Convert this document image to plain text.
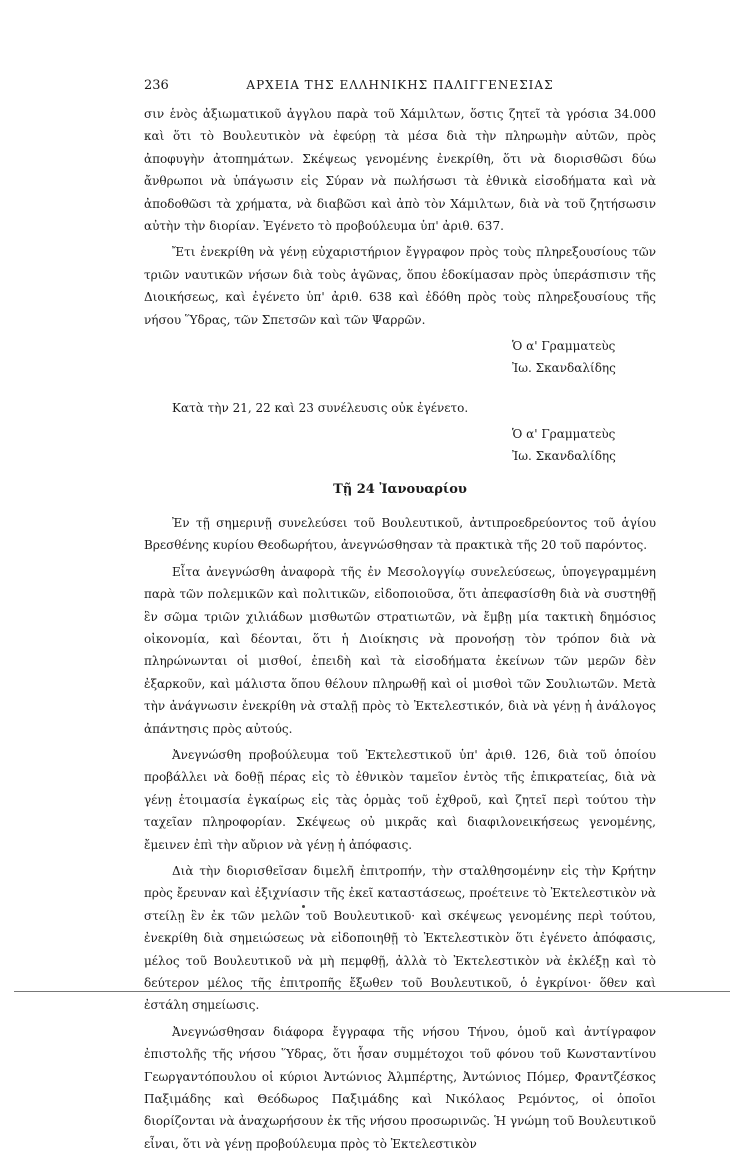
236	ΑΡΧΕΙΑ ΤΗΣ ΕΛΛΗΝΙΚΗΣ ΠΑΛΙΓΓΕΝΕΣΙΑΣ

σιν ἑνὸς ἀξιωματικοῦ ἀγγλου παρὰ τοῦ Χάμιλτων, ὅστις ζητεῖ τὰ γρόσια 34.000 καὶ ὅτι τὸ Βουλευτικὸν νὰ ἐφεύρῃ τὰ μέσα διὰ τὴν πληρωμὴν αὐτῶν, πρὸς ἀποφυγὴν ἀτοπημάτων. Σκέψεως γενομένης ἐνεκρίθη, ὅτι νὰ διορισθῶσι δύω ἄνθρωποι νὰ ὑπάγωσιν εἰς Σύραν νὰ πωλήσωσι τὰ ἐθνικὰ εἰσοδήματα καὶ νὰ ἀποδοθῶσι τὰ χρήματα, νὰ διαβῶσι καὶ ἀπὸ τὸν Χάμιλτων, διὰ νὰ τοῦ ζητήσωσιν αὐτὴν τὴν διορίαν. Ἐγένετο τὸ προβούλευμα ὑπ' ἀριθ. 637.

Ἔτι ἐνεκρίθη νὰ γένῃ εὐχαριστήριον ἔγγραφον πρὸς τοὺς πληρεξουσίους τῶν τριῶν ναυτικῶν νήσων διὰ τοὺς ἀγῶνας, ὅπου ἐδοκίμασαν πρὸς ὑπεράσπισιν τῆς Διοικήσεως, καὶ ἐγένετο ὑπ' ἀριθ. 638 καὶ ἐδόθη πρὸς τοὺς πληρεξουσίους τῆς νήσου Ὕδρας, τῶν Σπετσῶν καὶ τῶν Ψαρρῶν.

Ὁ α' Γραμματεὺς
Ἰω. Σκανδαλίδης

Κατὰ τὴν 21, 22 καὶ 23 συνέλευσις οὐκ ἐγένετο.

Ὁ α' Γραμματεὺς
Ἰω. Σκανδαλίδης
Τῇ 24 Ἰανουαρίου

Ἐν τῇ σημερινῇ συνελεύσει τοῦ Βουλευτικοῦ, ἀντιπροεδρεύοντος τοῦ ἁγίου Βρεσθένης κυρίου Θεοδωρήτου, ἀνεγνώσθησαν τὰ πρακτικὰ τῆς 20 τοῦ παρόντος.

Εἶτα ἀνεγνώσθη ἀναφορὰ τῆς ἐν Μεσολογγίῳ συνελεύσεως, ὑπογεγραμμένη παρὰ τῶν πολεμικῶν καὶ πολιτικῶν, εἰδοποιοῦσα, ὅτι ἀπεφασίσθη διὰ νὰ συστηθῇ ἓν σῶμα τριῶν χιλιάδων μισθωτῶν στρατιωτῶν, νὰ ἔμβῃ μία τακτικὴ δημόσιος οἰκονομία, καὶ δέονται, ὅτι ἡ Διοίκησις νὰ προνοήσῃ τὸν τρόπον διὰ νὰ πληρώνωνται οἱ μισθοί, ἐπειδὴ καὶ τὰ εἰσοδήματα ἐκείνων τῶν μερῶν δὲν ἐξαρκοῦν, καὶ μάλιστα ὅπου θέλουν πληρωθῇ καὶ οἱ μισθοὶ τῶν Σουλιωτῶν. Μετὰ τὴν ἀνάγνωσιν ἐνεκρίθη νὰ σταλῇ πρὸς τὸ Ἐκτελεστικόν, διὰ νὰ γένῃ ἡ ἀνάλογος ἀπάντησις πρὸς αὐτούς.

Ἀνεγνώσθη προβούλευμα τοῦ Ἐκτελεστικοῦ ὑπ' ἀριθ. 126, διὰ τοῦ ὁποίου προβάλλει νὰ δοθῇ πέρας εἰς τὸ ἐθνικὸν ταμεῖον ἐντὸς τῆς ἐπικρατείας, διὰ νὰ γένῃ ἑτοιμασία ἐγκαίρως εἰς τὰς ὁρμὰς τοῦ ἐχθροῦ, καὶ ζητεῖ περὶ τούτου τὴν ταχεῖαν πληροφορίαν. Σκέψεως οὐ μικρᾶς καὶ διαφιλονεικήσεως γενομένης, ἔμεινεν ἐπὶ τὴν αὔριον νὰ γένῃ ἡ ἀπόφασις.

Διὰ τὴν διορισθεῖσαν διμελῆ ἐπιτροπήν, τὴν σταλθησομένην εἰς τὴν Κρήτην πρὸς ἔρευναν καὶ ἐξιχνίασιν τῆς ἐκεῖ καταστάσεως, προέτεινε τὸ Ἐκτελεστικὸν νὰ στείλῃ ἓν ἐκ τῶν μελῶν τοῦ Βουλευτικοῦ· καὶ σκέψεως γενομένης περὶ τούτου, ἐνεκρίθη διὰ σημειώσεως νὰ εἰδοποιηθῇ τὸ Ἐκτελεστικὸν ὅτι ἐγένετο ἀπόφασις, μέλος τοῦ Βουλευτικοῦ νὰ μὴ πεμφθῇ, ἀλλὰ τὸ Ἐκτελεστικὸν νὰ ἐκλέξῃ καὶ τὸ δεύτερον μέλος τῆς ἐπιτροπῆς ἔξωθεν τοῦ Βουλευτικοῦ, ὁ ἐγκρίνοι· ὅθεν καὶ ἐστάλη σημείωσις.

Ἀνεγνώσθησαν διάφορα ἔγγραφα τῆς νήσου Τήνου, ὁμοῦ καὶ ἀντίγραφον ἐπιστολῆς τῆς νήσου Ὕδρας, ὅτι ἦσαν συμμέτοχοι τοῦ φόνου τοῦ Κωνσταντίνου Γεωργαντόπουλου οἱ κύριοι Ἀντώνιος Ἀλμπέρτης, Ἀντώνιος Πόμερ, Φραντζέσκος Παξιμάδης καὶ Θεόδωρος Παξιμάδης καὶ Νικόλαος Ρεμόντος, οἱ ὁποῖοι διορίζονται νὰ ἀναχωρήσουν ἐκ τῆς νήσου προσωρινῶς. Ἡ γνώμη τοῦ Βουλευτικοῦ εἶναι, ὅτι νὰ γένῃ προβούλευμα πρὸς τὸ Ἐκτελεστικὸν
